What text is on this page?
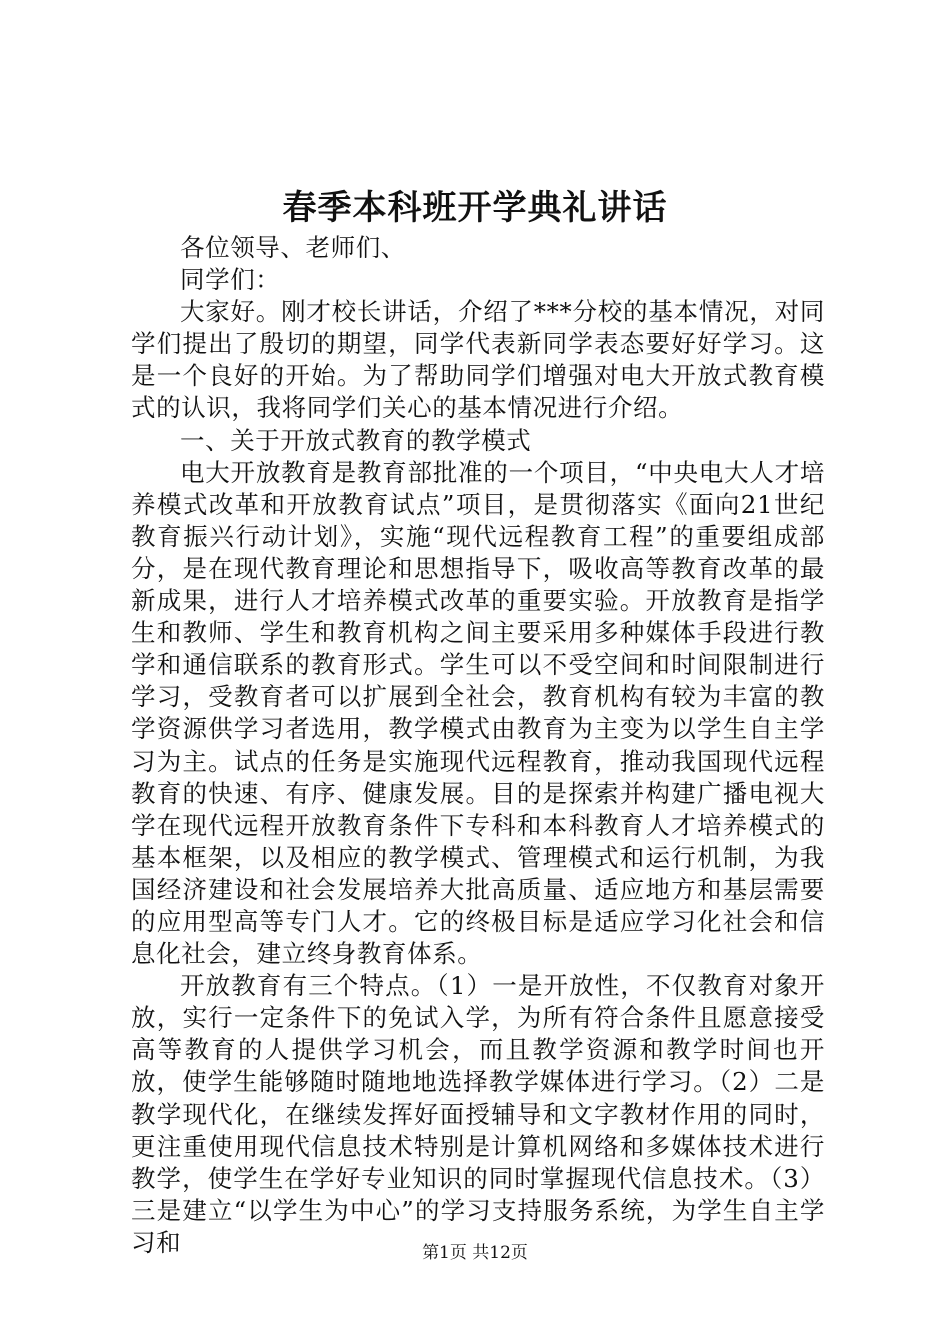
春季本科班开学典礼讲话

各位领导、老师们、

同学们：

大家好。刚才校长讲话，介绍了***分校的基本情况，对同学们提出了殷切的期望，同学代表新同学表态要好好学习。这是一个良好的开始。为了帮助同学们增强对电大开放式教育模式的认识，我将同学们关心的基本情况进行介绍。

一、关于开放式教育的教学模式

电大开放教育是教育部批准的一个项目，“中央电大人才培养模式改革和开放教育试点”项目，是贯彻落实《面向21世纪教育振兴行动计划》，实施“现代远程教育工程”的重要组成部分，是在现代教育理论和思想指导下，吸收高等教育改革的最新成果，进行人才培养模式改革的重要实验。开放教育是指学生和教师、学生和教育机构之间主要采用多种媒体手段进行教学和通信联系的教育形式。学生可以不受空间和时间限制进行学习，受教育者可以扩展到全社会，教育机构有较为丰富的教学资源供学习者选用，教学模式由教育为主变为以学生自主学习为主。试点的任务是实施现代远程教育，推动我国现代远程教育的快速、有序、健康发展。目的是探索并构建广播电视大学在现代远程开放教育条件下专科和本科教育人才培养模式的基本框架，以及相应的教学模式、管理模式和运行机制，为我国经济建设和社会发展培养大批高质量、适应地方和基层需要的应用型高等专门人才。它的终极目标是适应学习化社会和信息化社会，建立终身教育体系。

开放教育有三个特点。（1）一是开放性，不仅教育对象开放，实行一定条件下的免试入学，为所有符合条件且愿意接受高等教育的人提供学习机会，而且教学资源和教学时间也开放，使学生能够随时随地地选择教学媒体进行学习。（2）二是教学现代化，在继续发挥好面授辅导和文字教材作用的同时，更注重使用现代信息技术特别是计算机网络和多媒体技术进行教学，使学生在学好专业知识的同时掌握现代信息技术。（3）三是建立“以学生为中心”的学习支持服务系统，为学生自主学习和	第1页 共12页
